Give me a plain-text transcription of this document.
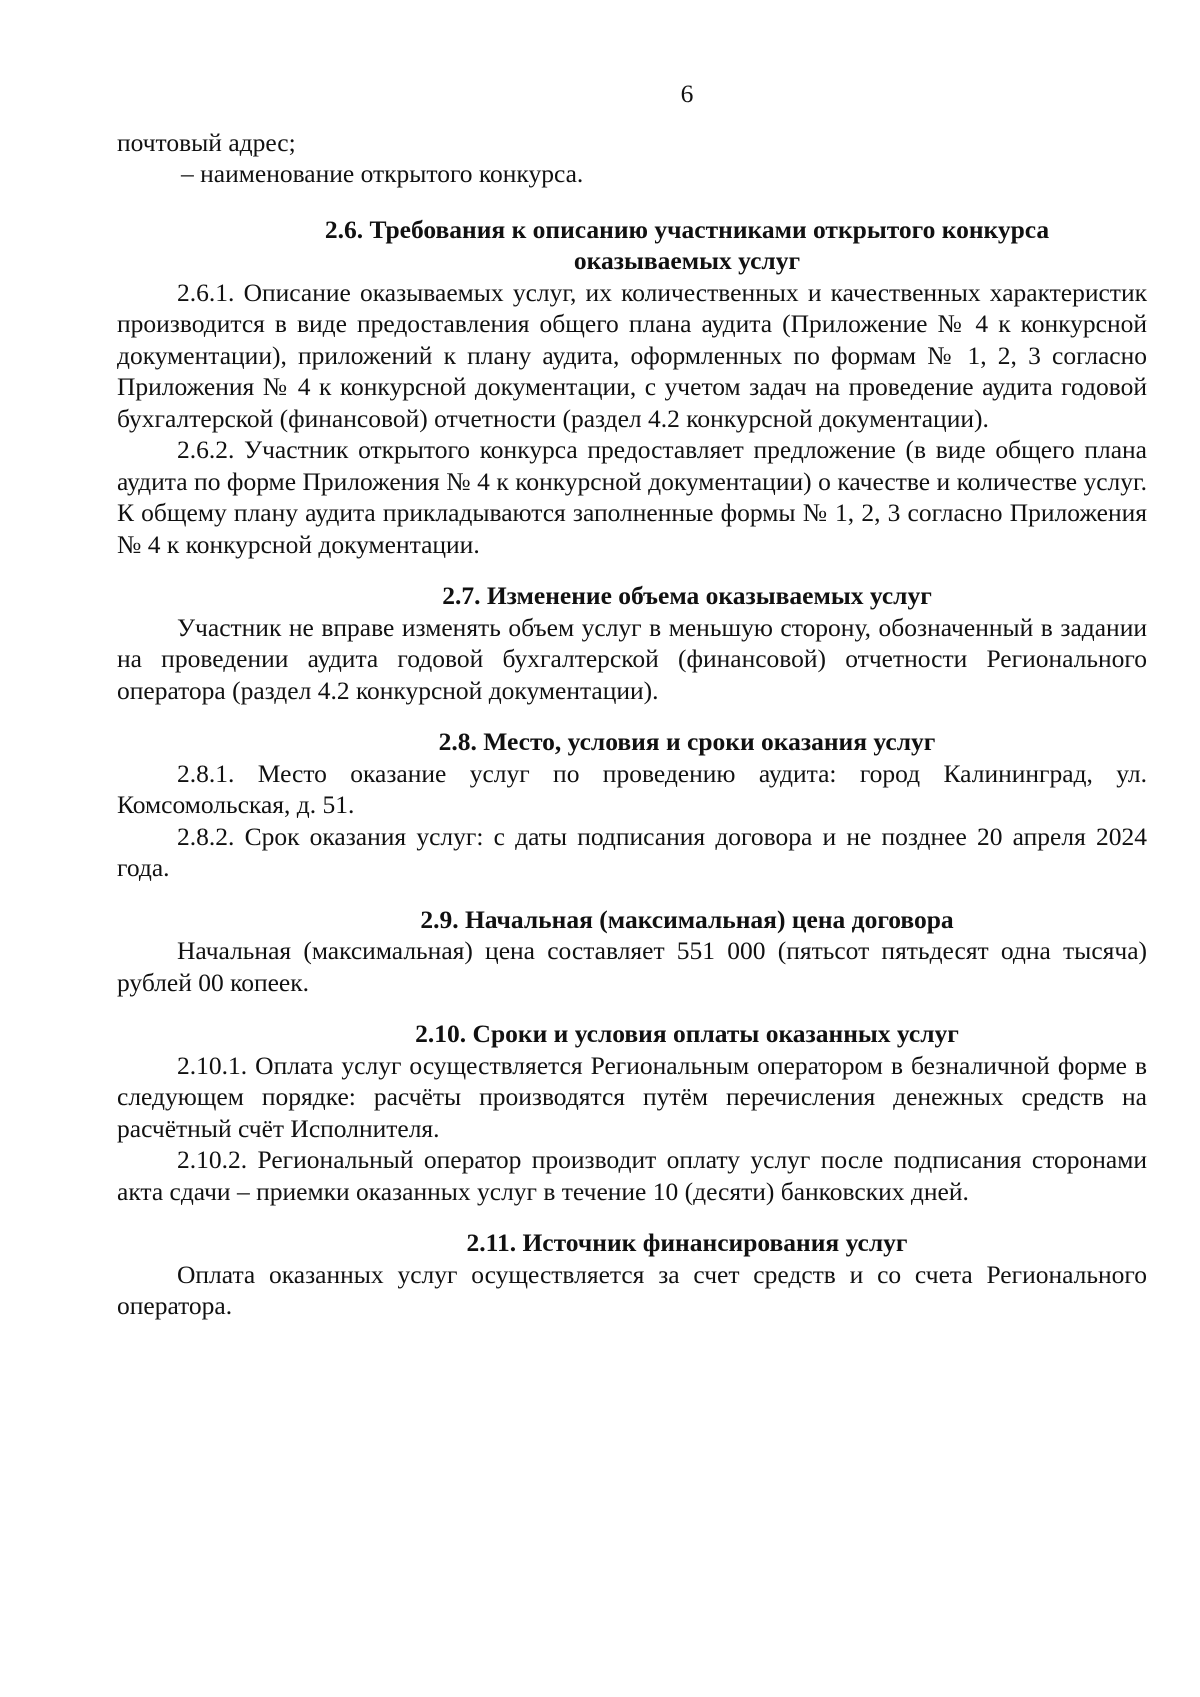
6

почтовый адрес;

– наименование открытого конкурса.

2.6. Требования к описанию участниками открытого конкурса

оказываемых услуг

2.6.1. Описание оказываемых услуг, их количественных и качественных характеристик производится в виде предоставления общего плана аудита (Приложение № 4 к конкурсной документации), приложений к плану аудита, оформленных по формам № 1, 2, 3 согласно Приложения № 4 к конкурсной документации, с учетом задач на проведение аудита годовой бухгалтерской (финансовой) отчетности (раздел 4.2 конкурсной документации).

2.6.2. Участник открытого конкурса предоставляет предложение (в виде общего плана аудита по форме Приложения № 4 к конкурсной документации) о качестве и количестве услуг. К общему плану аудита прикладываются заполненные формы № 1, 2, 3 согласно Приложения № 4 к конкурсной документации.

2.7. Изменение объема оказываемых услуг

Участник не вправе изменять объем услуг в меньшую сторону, обозначенный в задании на проведении аудита годовой бухгалтерской (финансовой) отчетности Регионального оператора (раздел 4.2 конкурсной документации).

2.8. Место, условия и сроки оказания услуг

2.8.1. Место оказание услуг по проведению аудита: город Калининград, ул. Комсомольская, д. 51.

2.8.2. Срок оказания услуг: с даты подписания договора и не позднее 20 апреля 2024 года.

2.9. Начальная (максимальная) цена договора

Начальная (максимальная) цена составляет 551 000 (пятьсот пятьдесят одна тысяча) рублей 00 копеек.

2.10. Сроки и условия оплаты оказанных услуг

2.10.1. Оплата услуг осуществляется Региональным оператором в безналичной форме в следующем порядке: расчёты производятся путём перечисления денежных средств на расчётный счёт Исполнителя.

2.10.2. Региональный оператор производит оплату услуг после подписания сторонами акта сдачи – приемки оказанных услуг в течение 10 (десяти) банковских дней.

2.11. Источник финансирования услуг

Оплата оказанных услуг осуществляется за счет средств и со счета Регионального оператора.
